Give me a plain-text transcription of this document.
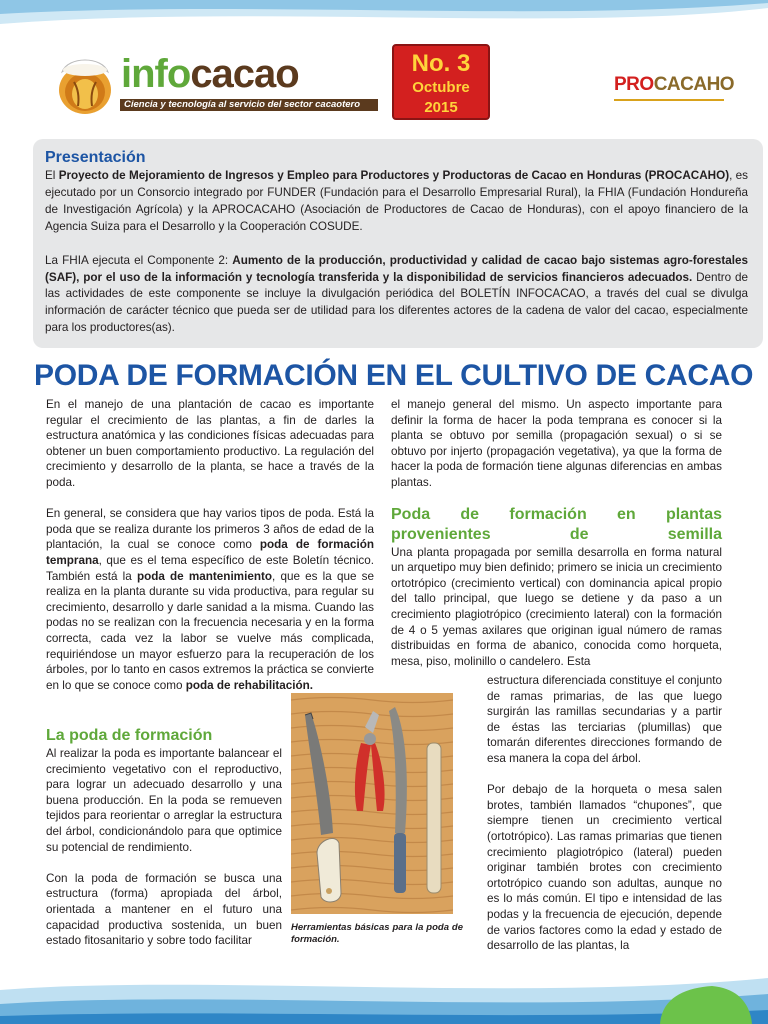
infocacao
Ciencia y tecnología al servicio del sector cacaotero
No. 3
Octubre
2015
PROCACAHO
Presentación

El Proyecto de Mejoramiento de Ingresos y Empleo para Productores y Productoras de Cacao en Honduras (PROCACAHO), es ejecutado por un Consorcio integrado por FUNDER (Fundación para el Desarrollo Empresarial Rural), la FHIA (Fundación Hondureña de Investigación Agrícola) y la APROCACAHO (Asociación de Productores de Cacao de Honduras), con el apoyo financiero de la Agencia Suiza para el Desarrollo y la Cooperación COSUDE.

La FHIA ejecuta el Componente 2: Aumento de la producción, productividad y calidad de cacao bajo sistemas agro-forestales (SAF), por el uso de la información y tecnología transferida y la disponibilidad de servicios financieros adecuados. Dentro de las actividades de este componente se incluye la divulgación periódica del BOLETÍN INFOCACAO, a través del cual se divulga información de carácter técnico que pueda ser de utilidad para los diferentes actores de la cadena de valor del cacao, especialmente para los productores(as).

PODA DE FORMACIÓN EN EL CULTIVO DE CACAO

En el manejo de una plantación de cacao es importante regular el crecimiento de las plantas, a fin de darles la estructura anatómica y las condiciones físicas adecuadas para obtener un buen comportamiento productivo. La regulación del crecimiento y desarrollo de la planta, se hace a través de la poda.

En general, se considera que hay varios tipos de poda. Está la poda que se realiza durante los primeros 3 años de edad de la plantación, la cual se conoce como poda de formación temprana, que es el tema específico de este Boletín técnico. También está la poda de mantenimiento, que es la que se realiza en la planta durante su vida productiva, para regular su crecimiento, desarrollo y darle sanidad a la misma. Cuando las podas no se realizan con la frecuencia necesaria y en la forma correcta, cada vez la labor se vuelve más complicada, requiriéndose un mayor esfuerzo para la recuperación de los árboles, por lo tanto en casos extremos la práctica se convierte en lo que se conoce como poda de rehabilitación.

La poda de formación

Al realizar la poda es importante balancear el crecimiento vegetativo con el reproductivo, para lograr un adecuado desarrollo y una buena producción. En la poda se remueven tejidos para reorientar o arreglar la estructura del árbol, condicionándolo para que optimice su potencial de rendimiento.

Con la poda de formación se busca una estructura (forma) apropiada del árbol, orientada a mantener en el futuro una capacidad productiva sostenida, un buen estado fitosanitario y sobre todo facilitar

Herramientas básicas para la poda de formación.

el manejo general del mismo. Un aspecto importante para definir la forma de hacer la poda temprana es conocer si la planta se obtuvo por semilla (propagación sexual) o si se obtuvo por injerto (propagación vegetativa), ya que la forma de hacer la poda de formación tiene algunas diferencias en ambas plantas.

Poda de formación en plantas provenientes de semilla

Una planta propagada por semilla desarrolla en forma natural un arquetipo muy bien definido; primero se inicia un crecimiento ortotrópico (crecimiento vertical) con dominancia apical propio del tallo principal, que luego se detiene y da paso a un crecimiento plagiotrópico (crecimiento lateral) con la formación de 4 o 5 yemas axilares que originan igual número de ramas distribuidas en forma de abanico, conocida como horqueta, mesa, piso, molinillo o candelero. Esta

estructura diferenciada constituye el conjunto de ramas primarias, de las que luego surgirán las ramillas secundarias y a partir de éstas las terciarias (plumillas) que tomarán diferentes direcciones formando de esa manera la copa del árbol.

Por debajo de la horqueta o mesa salen brotes, también llamados “chupones”, que siempre tienen un crecimiento vertical (ortotrópico). Las ramas primarias que tienen crecimiento plagiotrópico (lateral) pueden originar también brotes con crecimiento ortotrópico cuando son adultas, aunque no es lo más común. El tipo e intensidad de las podas y la frecuencia de ejecución, depende de varios factores como la edad y estado de desarrollo de las plantas, la
